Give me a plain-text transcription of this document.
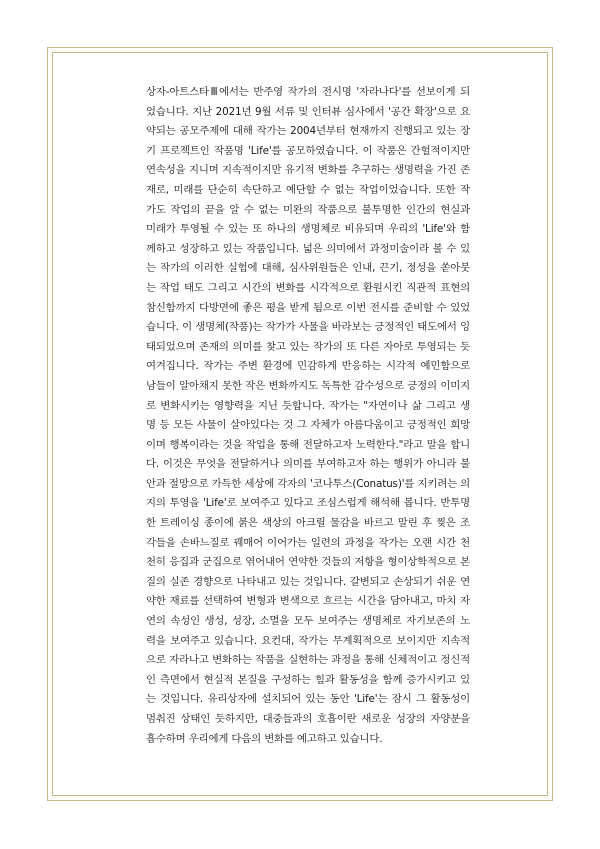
상자-아트스타Ⅲ에서는 반주영 작가의 전시명 '자라나다'를 선보이게 되
었습니다. 지난 2021년 9월 서류 및 인터뷰 심사에서 '공간 확장'으로 요
약되는 공모주제에 대해 작가는 2004년부터 현재까지 진행되고 있는 장
기 프로젝트인 작품명 'Life'를 공모하였습니다. 이 작품은 간헐적이지만
연속성을 지니며 지속적이지만 유기적 변화를 추구하는 생명력을 가진 존
재로, 미래를 단순히 속단하고 예단할 수 없는 작업이었습니다. 또한 작
가도 작업의 끝을 알 수 없는 미완의 작품으로 불투명한 인간의 현실과
미래가 투영될 수 있는 또 하나의 생명체로 비유되며 우리의 'Life'와 함
께하고 성장하고 있는 작품입니다. 넓은 의미에서 과정미술이라 볼 수 있
는 작가의 이러한 실험에 대해, 심사위원들은 인내, 끈기, 정성을 쏟아붓
는 작업 태도 그리고 시간의 변화를 시각적으로 환원시킨 직관적 표현의
참신함까지 다방면에 좋은 평을 받게 됨으로 이번 전시를 준비할 수 있었
습니다. 이 생명체(작품)는 작가가 사물을 바라보는 긍정적인 태도에서 잉
태되었으며 존재의 의미를 찾고 있는 작가의 또 다른 자아로 투영되는 듯
여겨집니다. 작가는 주변 환경에 민감하게 반응하는 시각적 예민함으로
남들이 알아채지 못한 작은 변화까지도 독특한 감수성으로 긍정의 이미지
로 변화시키는 영향력을 지닌 듯합니다. 작가는 "자연이나 삶 그리고 생
명 등 모든 사물이 살아있다는 것 그 자체가 아름다움이고 긍정적인 희망
이며 행복이라는 것을 작업을 통해 전달하고자 노력한다."라고 말을 합니
다. 이것은 무엇을 전달하거나 의미를 부여하고자 하는 행위가 아니라 불
안과 절망으로 가득한 세상에 각자의 '코나투스(Conatus)'를 지키려는 의
지의 투영을 'Life'로 보여주고 있다고 조심스럽게 해석해 봅니다. 반투명
한 트레이싱 종이에 붉은 색상의 아크릴 물감을 바르고 말린 후 찢은 조
각들을 손바느질로 꿰매어 이어가는 일련의 과정을 작가는 오랜 시간 천
천히 응집과 군집으로 엮어내어 연약한 것들의 저항을 형이상학적으로 본
질의 실존 경향으로 나타내고 있는 것입니다. 갈변되고 손상되기 쉬운 연
약한 재료를 선택하여 변형과 변색으로 흐르는 시간을 담아내고, 마치 자
연의 속성인 생성, 성장, 소멸을 모두 보여주는 생명체로 자기보존의 노
력을 보여주고 있습니다. 요컨대, 작가는 무계획적으로 보이지만 지속적
으로 자라나고 변화하는 작품을 실현하는 과정을 통해 신체적이고 정신적
인 측면에서 현실적 본질을 구성하는 힘과 활동성을 함께 증가시키고 있
는 것입니다. 유리상자에 설치되어 있는 동안 'Life'는 잠시 그 활동성이
멈춰진 상태인 듯하지만, 대중들과의 호흡이란 새로운 성장의 자양분을
흡수하며 우리에게 다음의 변화를 예고하고 있습니다.
